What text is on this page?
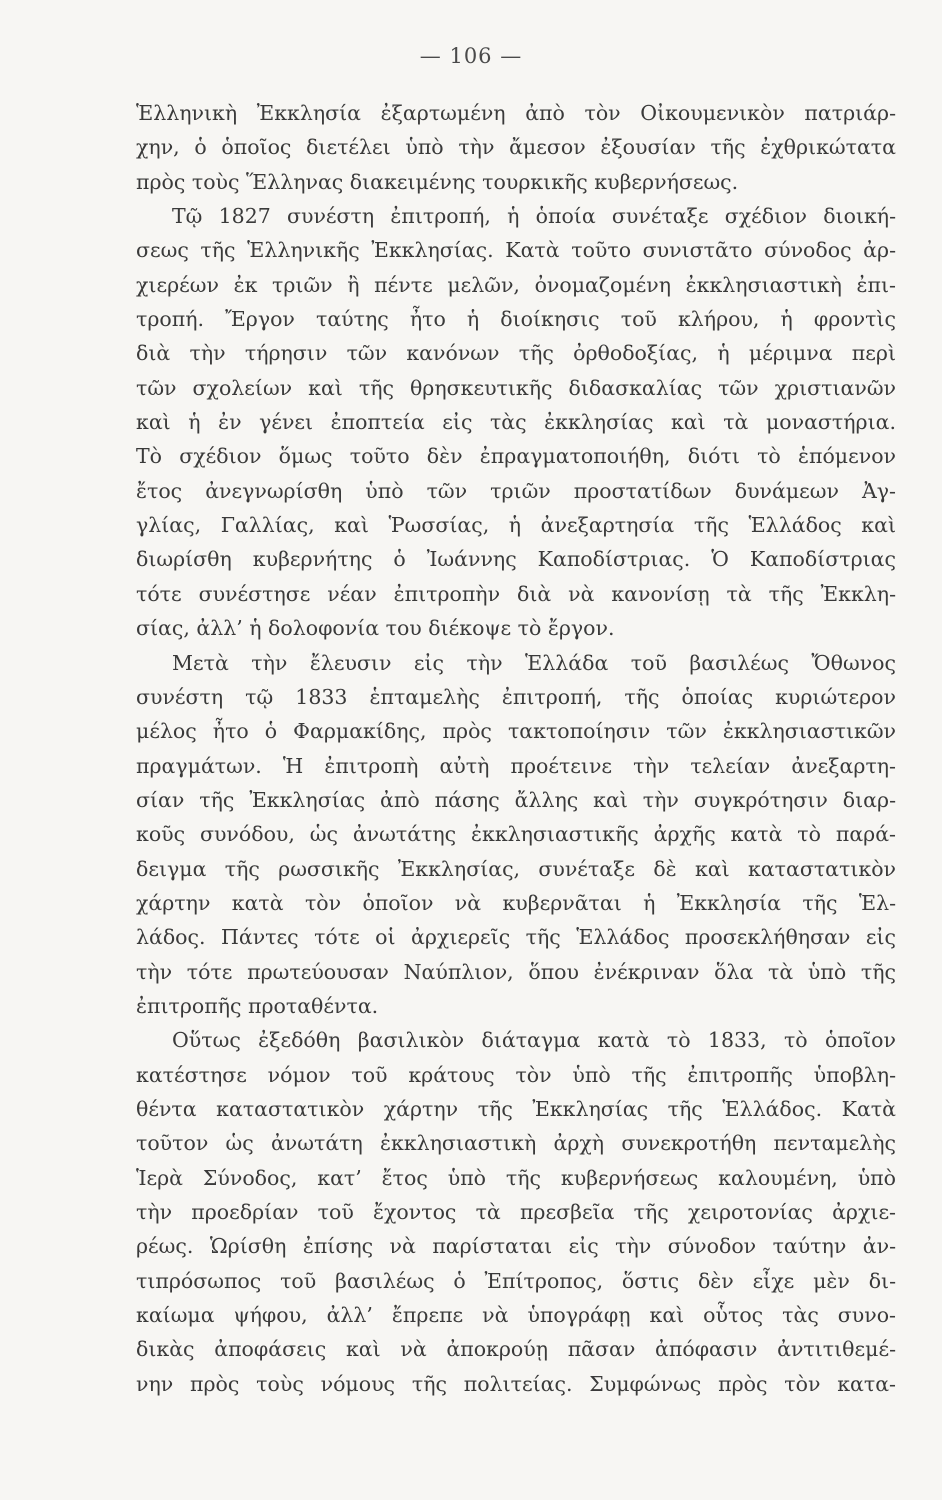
— 106 —
Ἑλληνικὴ Ἐκκλησία ἐξαρτωμένη ἀπὸ τὸν Οἰκουμενικὸν πατριάρ-
χην, ὁ ὁποῖος διετέλει ὑπὸ τὴν ἄμεσον ἐξουσίαν τῆς ἐχθρικώτατα
πρὸς τοὺς Ἕλληνας διακειμένης τουρκικῆς κυβερνήσεως.
Τῷ 1827 συνέστη ἐπιτροπή, ἡ ὁποία συνέταξε σχέδιον διοική-
σεως τῆς Ἑλληνικῆς Ἐκκλησίας. Κατὰ τοῦτο συνιστᾶτο σύνοδος ἀρ-
χιερέων ἐκ τριῶν ἢ πέντε μελῶν, ὀνομαζομένη ἐκκλησιαστικὴ ἐπι-
τροπή. Ἔργον ταύτης ἦτο ἡ διοίκησις τοῦ κλήρου, ἡ φροντὶς
διὰ τὴν τήρησιν τῶν κανόνων τῆς ὀρθοδοξίας, ἡ μέριμνα περὶ
τῶν σχολείων καὶ τῆς θρησκευτικῆς διδασκαλίας τῶν χριστιανῶν
καὶ ἡ ἐν γένει ἐποπτεία εἰς τὰς ἐκκλησίας καὶ τὰ μοναστήρια.
Τὸ σχέδιον ὅμως τοῦτο δὲν ἐπραγματοποιήθη, διότι τὸ ἑπόμενον
ἔτος ἀνεγνωρίσθη ὑπὸ τῶν τριῶν προστατίδων δυνάμεων Ἀγ-
γλίας, Γαλλίας, καὶ Ῥωσσίας, ἡ ἀνεξαρτησία τῆς Ἑλλάδος καὶ
διωρίσθη κυβερνήτης ὁ Ἰωάννης Καποδίστριας. Ὁ Καποδίστριας
τότε συνέστησε νέαν ἐπιτροπὴν διὰ νὰ κανονίσῃ τὰ τῆς Ἐκκλη-
σίας, ἀλλ’ ἡ δολοφονία του διέκοψε τὸ ἔργον.
Μετὰ τὴν ἔλευσιν εἰς τὴν Ἑλλάδα τοῦ βασιλέως Ὄθωνος
συνέστη τῷ 1833 ἑπταμελὴς ἐπιτροπή, τῆς ὁποίας κυριώτερον
μέλος ἦτο ὁ Φαρμακίδης, πρὸς τακτοποίησιν τῶν ἐκκλησιαστικῶν
πραγμάτων. Ἡ ἐπιτροπὴ αὐτὴ προέτεινε τὴν τελείαν ἀνεξαρτη-
σίαν τῆς Ἐκκλησίας ἀπὸ πάσης ἄλλης καὶ τὴν συγκρότησιν διαρ-
κοῦς συνόδου, ὡς ἀνωτάτης ἐκκλησιαστικῆς ἀρχῆς κατὰ τὸ παρά-
δειγμα τῆς ρωσσικῆς Ἐκκλησίας, συνέταξε δὲ καὶ καταστατικὸν
χάρτην κατὰ τὸν ὁποῖον νὰ κυβερνᾶται ἡ Ἐκκλησία τῆς Ἑλ-
λάδος. Πάντες τότε οἱ ἀρχιερεῖς τῆς Ἑλλάδος προσεκλήθησαν εἰς
τὴν τότε πρωτεύουσαν Ναύπλιον, ὅπου ἐνέκριναν ὅλα τὰ ὑπὸ τῆς
ἐπιτροπῆς προταθέντα.
Οὕτως ἐξεδόθη βασιλικὸν διάταγμα κατὰ τὸ 1833, τὸ ὁποῖον
κατέστησε νόμον τοῦ κράτους τὸν ὑπὸ τῆς ἐπιτροπῆς ὑποβλη-
θέντα καταστατικὸν χάρτην τῆς Ἐκκλησίας τῆς Ἑλλάδος. Κατὰ
τοῦτον ὡς ἀνωτάτη ἐκκλησιαστικὴ ἀρχὴ συνεκροτήθη πενταμελὴς
Ἱερὰ Σύνοδος, κατ’ ἔτος ὑπὸ τῆς κυβερνήσεως καλουμένη, ὑπὸ
τὴν προεδρίαν τοῦ ἔχοντος τὰ πρεσβεῖα τῆς χειροτονίας ἀρχιε-
ρέως. Ὡρίσθη ἐπίσης νὰ παρίσταται εἰς τὴν σύνοδον ταύτην ἀν-
τιπρόσωπος τοῦ βασιλέως ὁ Ἐπίτροπος, ὅστις δὲν εἶχε μὲν δι-
καίωμα ψήφου, ἀλλ’ ἔπρεπε νὰ ὑπογράφῃ καὶ οὗτος τὰς συνο-
δικὰς ἀποφάσεις καὶ νὰ ἀποκρούῃ πᾶσαν ἀπόφασιν ἀντιτιθεμέ-
νην πρὸς τοὺς νόμους τῆς πολιτείας. Συμφώνως πρὸς τὸν κατα-
